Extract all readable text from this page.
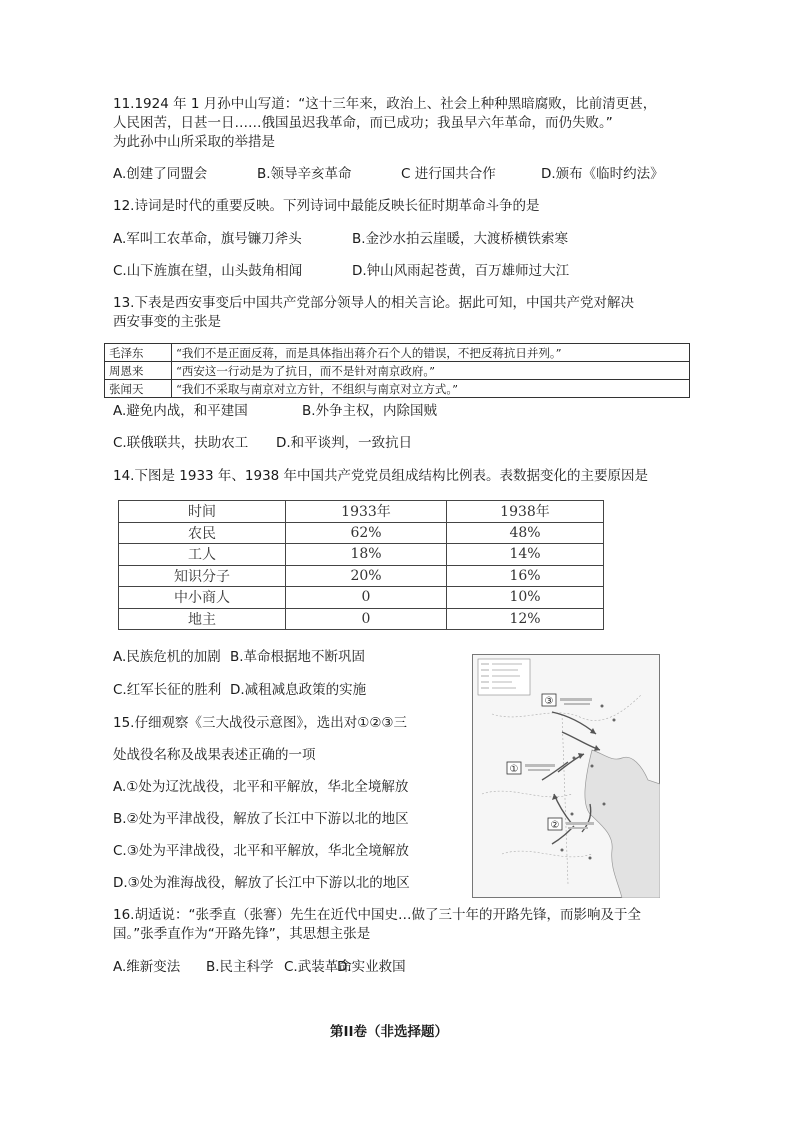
11.1924 年 1 月孙中山写道：“这十三年来，政治上、社会上种种黑暗腐败，比前清更甚，
人民困苦，日甚一日……俄国虽迟我革命，而已成功；我虽早六年革命，而仍失败。”
为此孙中山所采取的举措是
A.创建了同盟会	B.领导辛亥革命	C 进行国共合作	D.颁布《临时约法》
12.诗词是时代的重要反映。下列诗词中最能反映长征时期革命斗争的是
A.军叫工农革命，旗号镰刀斧头	B.金沙水拍云崖暖，大渡桥横铁索寒
C.山下旌旗在望，山头鼓角相闻	D.钟山风雨起苍黄，百万雄师过大江
13.下表是西安事变后中国共产党部分领导人的相关言论。据此可知，中国共产党对解决
西安事变的主张是
毛泽东	“我们不是正面反蒋，而是具体指出蒋介石个人的错误，不把反蒋抗日并列。”
周恩来	“西安这一行动是为了抗日，而不是针对南京政府。”
张闻天	“我们不采取与南京对立方针，不组织与南京对立方式。”
A.避免内战，和平建国	B.外争主权，内除国贼
C.联俄联共，扶助农工 D.和平谈判，一致抗日
14.下图是 1933 年、1938 年中国共产党党员组成结构比例表。表数据变化的主要原因是
时间	1933年	1938年
农民	62%	48%
工人	18%	14%
知识分子	20%	16%
中小商人	0	10%
地主	0	12%
A.民族危机的加剧 B.革命根据地不断巩固
C.红军长征的胜利 D.减租减息政策的实施
15.仔细观察《三大战役示意图》，选出对①②③三
处战役名称及战果表述正确的一项
A.①处为辽沈战役，北平和平解放，华北全境解放
B.②处为平津战役，解放了长江中下游以北的地区
C.③处为平津战役，北平和平解放，华北全境解放
D.③处为淮海战役，解放了长江中下游以北的地区
③
①
②
16.胡适说：“张季直（张謇）先生在近代中国史…做了三十年的开路先锋，而影响及于全
国。”张季直作为“开路先锋”，其思想主张是
A.维新变法 B.民主科学 C.武装革命
D.实业救国
第II卷（非选择题）
